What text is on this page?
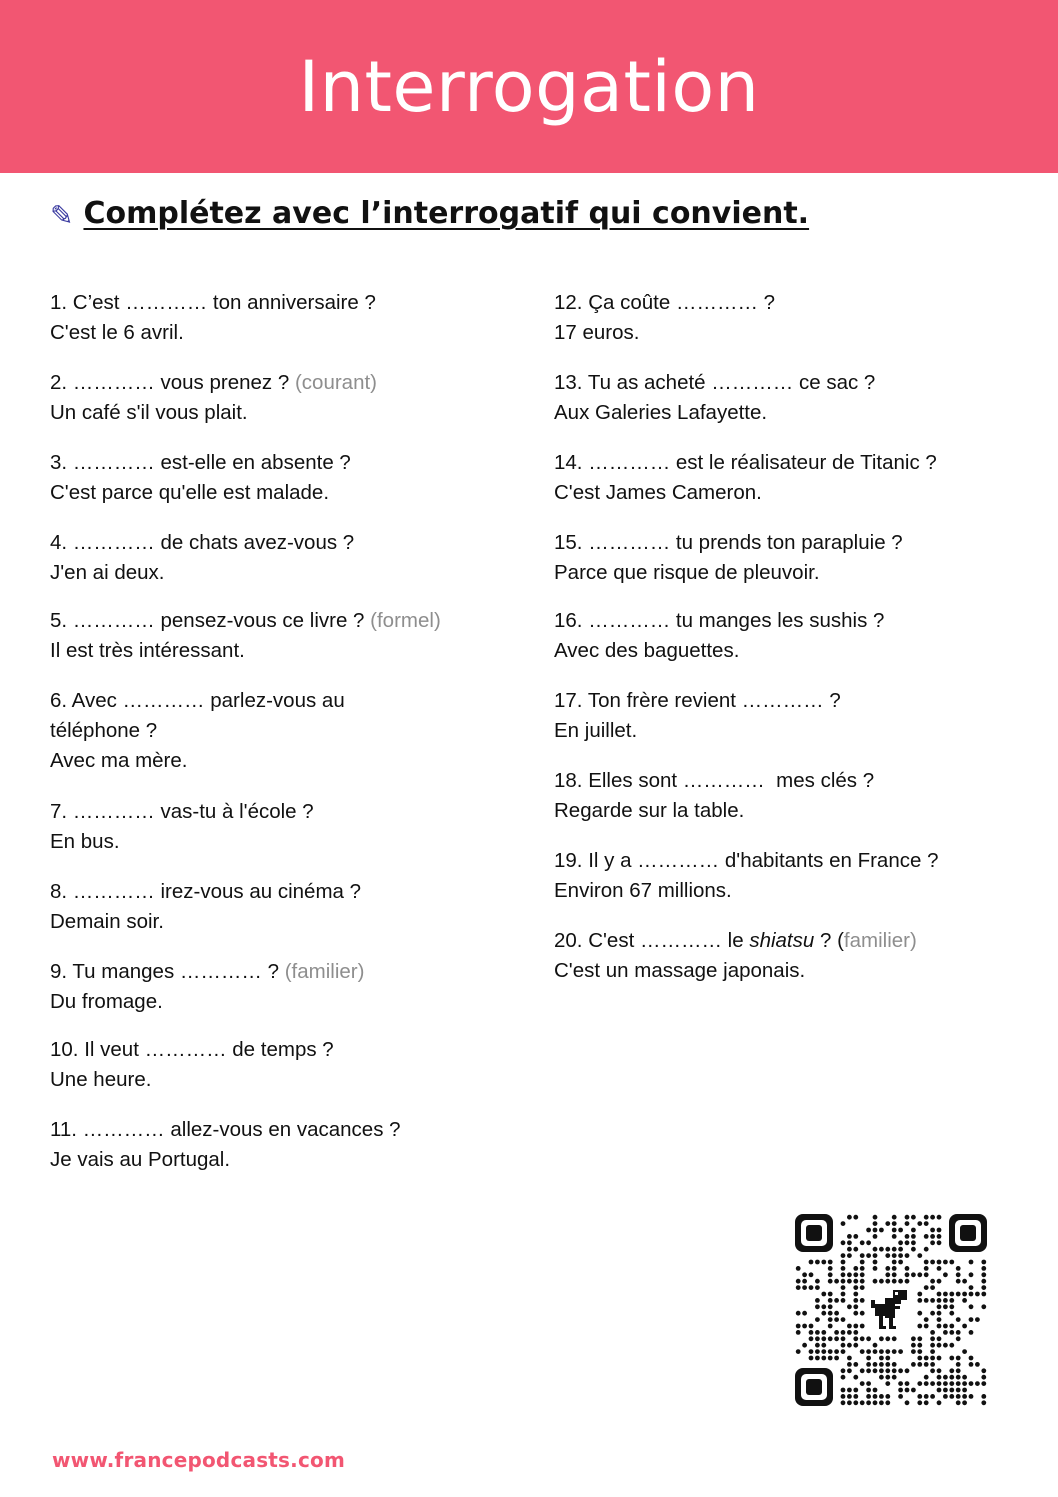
Interrogation
✎ Complétez avec l’interrogatif qui convient.
1. C’est ………… ton anniversaire ?
C'est le 6 avril.
2. ………… vous prenez ? (courant)
Un café s'il vous plait.
3. ………… est-elle en absente ?
C'est parce qu'elle est malade.
4. ………… de chats avez-vous ?
J'en ai deux.
5. ………… pensez-vous ce livre ? (formel)
Il est très intéressant.
6. Avec ………… parlez-vous au
téléphone ?
Avec ma mère.
7. ………… vas-tu à l'école ?
En bus.
8. ………… irez-vous au cinéma ?
Demain soir.
9. Tu manges ………… ? (familier)
Du fromage.
10. Il veut ………… de temps ?
Une heure.
11. ………… allez-vous en vacances ?
Je vais au Portugal.
12. Ça coûte ………… ?
17 euros.
13. Tu as acheté ………… ce sac ?
Aux Galeries Lafayette.
14. ………… est le réalisateur de Titanic ?
C'est James Cameron.
15. ………… tu prends ton parapluie ?
Parce que risque de pleuvoir.
16. ………… tu manges les sushis ?
Avec des baguettes.
17. Ton frère revient ………… ?
En juillet.
18. Elles sont …………  mes clés ?
Regarde sur la table.
19. Il y a ………… d'habitants en France ?
Environ 67 millions.
20. C'est ………… le shiatsu ? (familier)
C'est un massage japonais.
www.francepodcasts.com
